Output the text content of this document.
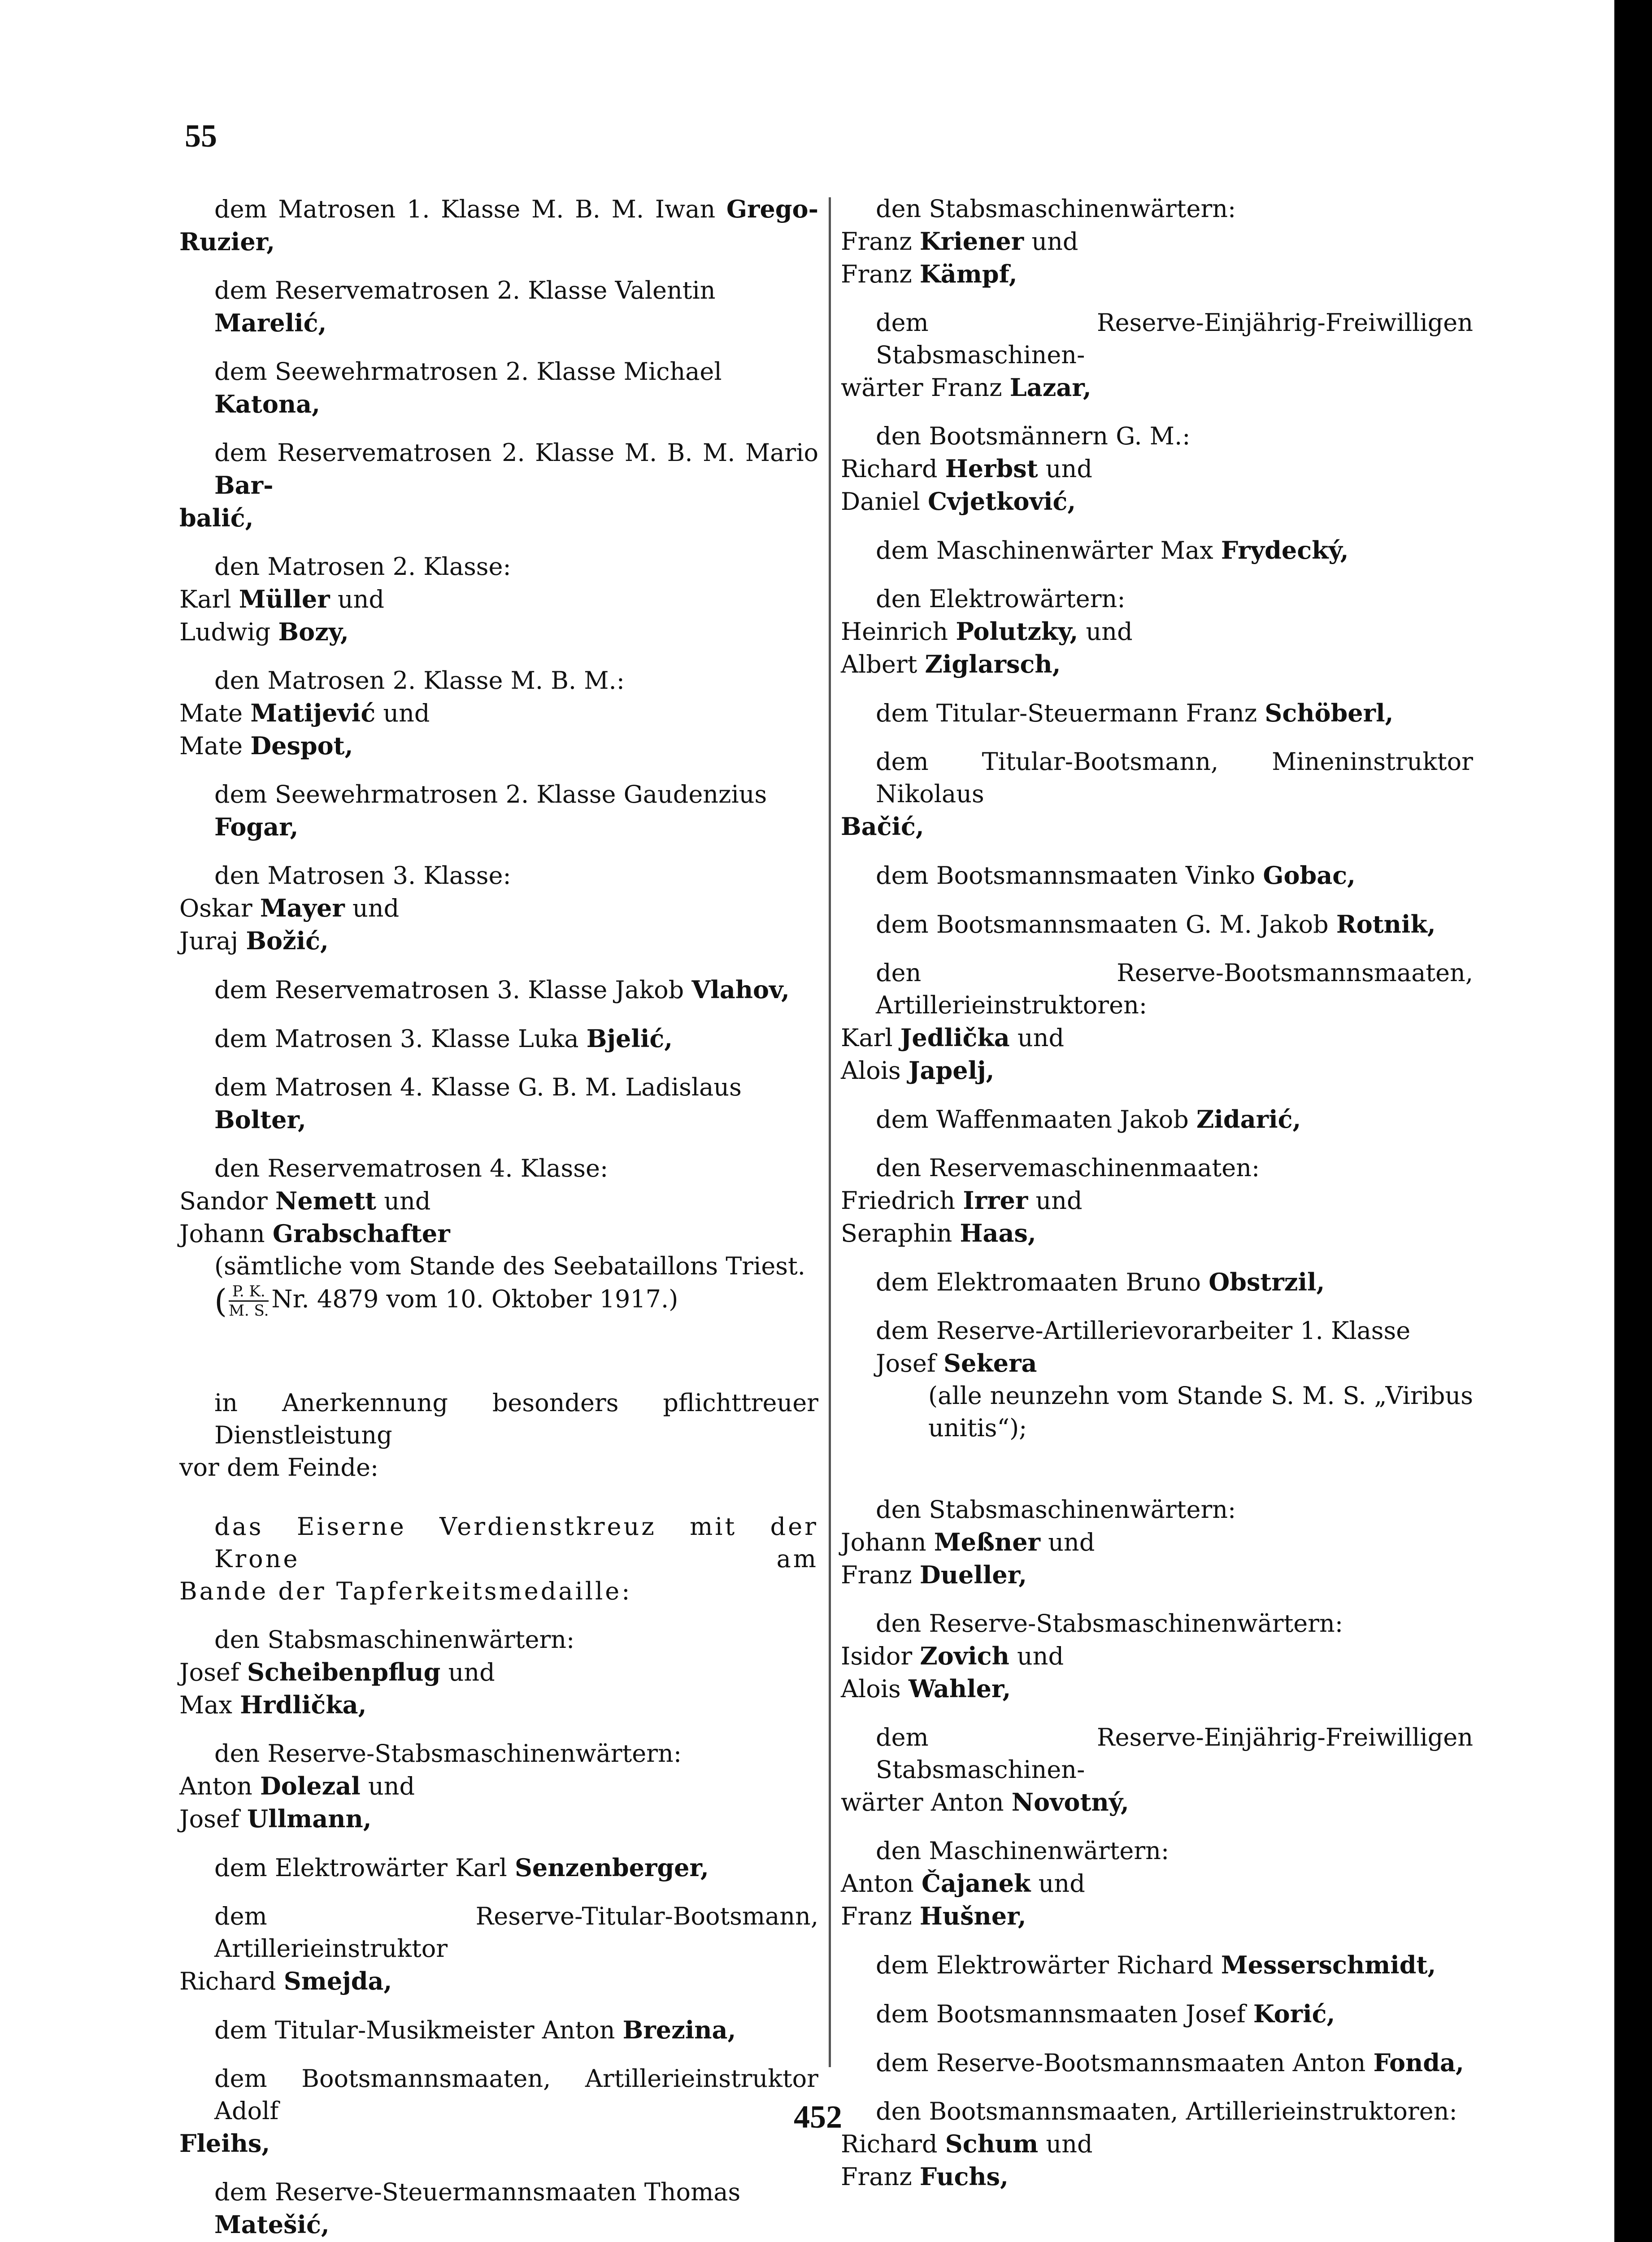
55

dem Matrosen 1. Klasse M. B. M. Iwan Grego-

Ruzier,

dem Reservematrosen 2. Klasse Valentin Marelić,

dem Seewehrmatrosen 2. Klasse Michael Katona,

dem Reservematrosen 2. Klasse M. B. M. Mario Bar-

balić,

den Matrosen 2. Klasse:

Karl Müller und

Ludwig Bozy,

den Matrosen 2. Klasse M. B. M.:

Mate Matijević und

Mate Despot,

dem Seewehrmatrosen 2. Klasse Gaudenzius Fogar,

den Matrosen 3. Klasse:

Oskar Mayer und

Juraj Božić,

dem Reservematrosen 3. Klasse Jakob Vlahov,

dem Matrosen 3. Klasse Luka Bjelić,

dem Matrosen 4. Klasse G. B. M. Ladislaus Bolter,

den Reservematrosen 4. Klasse:

Sandor Nemett und

Johann Grabschafter

(sämtliche vom Stande des Seebataillons Triest.

( $\frac{P. K.}{M. S.} Nr$. 4879 vom 10. Oktober 1917.)

in Anerkennung besonders pflichttreuer Dienstleistung

vor dem Feinde:

das Eiserne Verdienstkreuz mit der Krone am

Bande der Tapferkeitsmedaille:

den Stabsmaschinenwärtern:

Josef Scheibenpflug und

Max Hrdlička,

den Reserve-Stabsmaschinenwärtern:

Anton Dolezal und

Josef Ullmann,

dem Elektrowärter Karl Senzenberger,

dem Reserve-Titular-Bootsmann, Artillerieinstruktor

Richard Smejda,

dem Titular-Musikmeister Anton Brezina,

dem Bootsmannsmaaten, Artillerieinstruktor Adolf

Fleihs,

dem Reserve-Steuermannsmaaten Thomas Matešić,

den Stabsmaschinenwärtern:

Franz Kriener und

Franz Kämpf,

dem Reserve-Einjährig-Freiwilligen Stabsmaschinen-

wärter Franz Lazar,

den Bootsmännern G. M.:

Richard Herbst und

Daniel Cvjetković,

dem Maschinenwärter Max Frydecký,

den Elektrowärtern:

Heinrich Polutzky, und

Albert Ziglarsch,

dem Titular-Steuermann Franz Schöberl,

dem Titular-Bootsmann, Mineninstruktor Nikolaus

Bačić,

dem Bootsmannsmaaten Vinko Gobac,

dem Bootsmannsmaaten G. M. Jakob Rotnik,

den Reserve-Bootsmannsmaaten, Artillerieinstruktoren:

Karl Jedlička und

Alois Japelj,

dem Waffenmaaten Jakob Zidarić,

den Reservemaschinenmaaten:

Friedrich Irrer und

Seraphin Haas,

dem Elektromaaten Bruno Obstrzil,

dem Reserve-Artillerievorarbeiter 1. Klasse Josef Sekera

(alle neunzehn vom Stande S. M. S. „Viribus

unitis“);

den Stabsmaschinenwärtern:

Johann Meßner und

Franz Dueller,

den Reserve-Stabsmaschinenwärtern:

Isidor Zovich und

Alois Wahler,

dem Reserve-Einjährig-Freiwilligen Stabsmaschinen-

wärter Anton Novotný,

den Maschinenwärtern:

Anton Čajanek und

Franz Hušner,

dem Elektrowärter Richard Messerschmidt,

dem Bootsmannsmaaten Josef Korić,

dem Reserve-Bootsmannsmaaten Anton Fonda,

den Bootsmannsmaaten, Artillerieinstruktoren:

Richard Schum und

Franz Fuchs,

452
